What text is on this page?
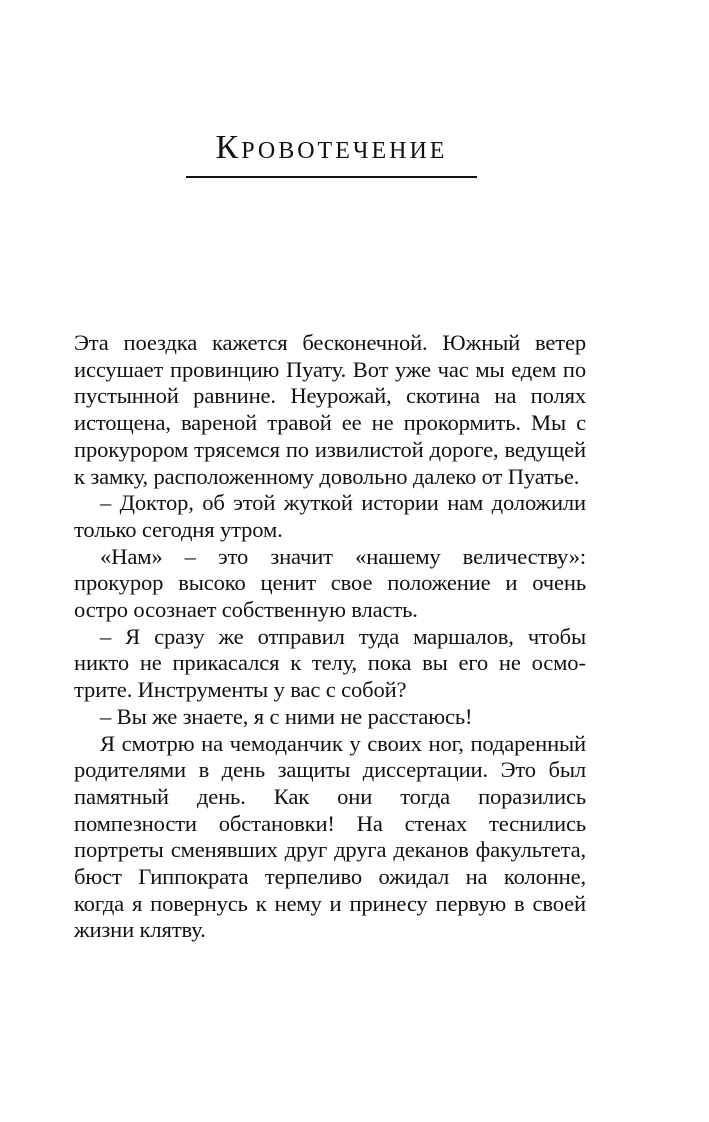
Кровотечение

Эта поездка кажется бесконечной. Южный ветер иссушает провинцию Пуату. Вот уже час мы едем по пустынной равнине. Неурожай, скотина на полях истощена, вареной травой ее не прокормить. Мы с прокурором трясемся по извилистой дороге, ведущей к замку, расположенному довольно далеко от Пуатье.

– Доктор, об этой жуткой истории нам доложили только сегодня утром.

«Нам» – это значит «нашему величеству»: прокурор высоко ценит свое положение и очень остро осознает собственную власть.

– Я сразу же отправил туда маршалов, чтобы никто не прикасался к телу, пока вы его не осмотрите. Инструменты у вас с собой?

– Вы же знаете, я с ними не расстаюсь!

Я смотрю на чемоданчик у своих ног, подаренный родителями в день защиты диссертации. Это был памятный день. Как они тогда поразились помпезности обстановки! На стенах теснились портреты сменявших друг друга деканов факультета, бюст Гиппократа терпеливо ожидал на колонне, когда я повернусь к нему и принесу первую в своей жизни клятву.
